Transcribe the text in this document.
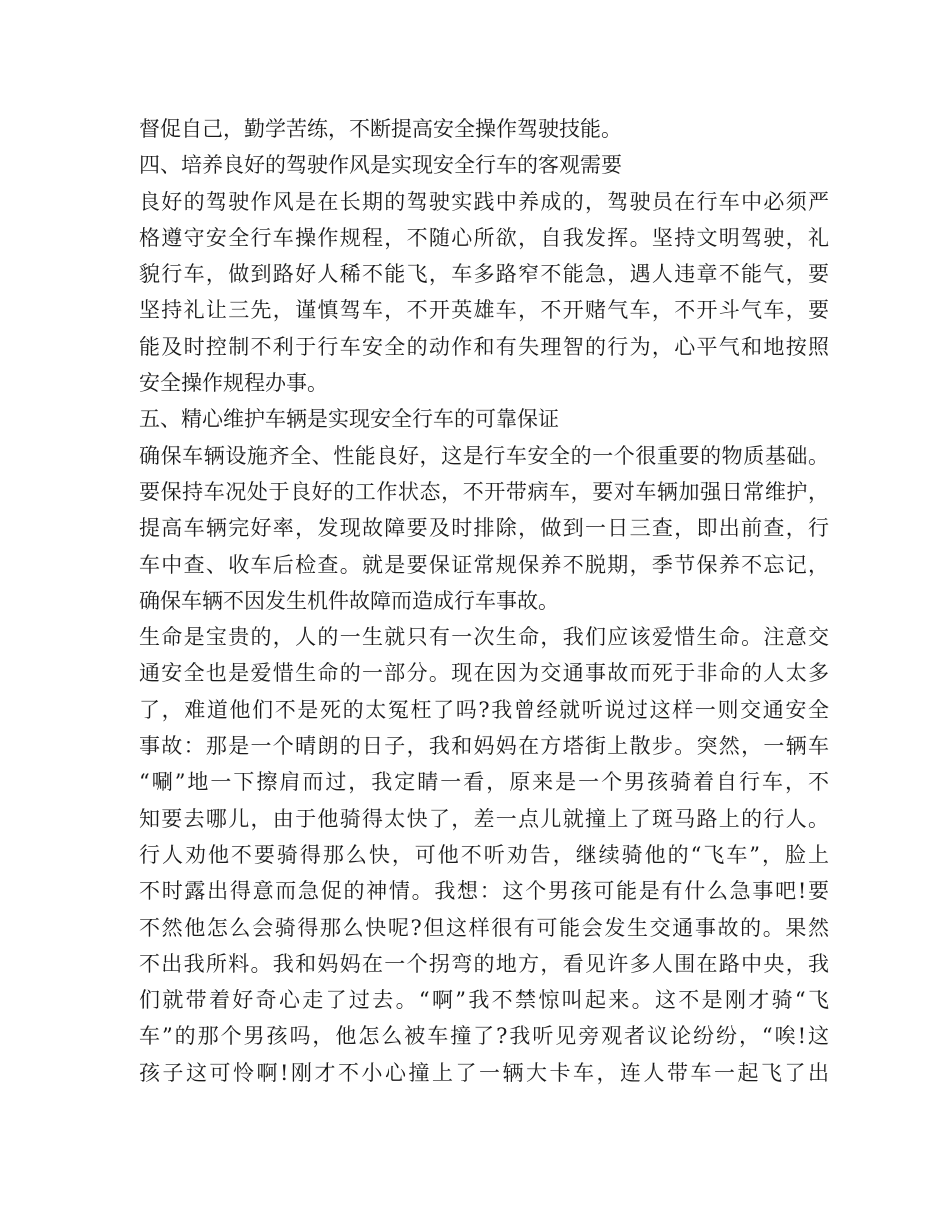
督促自己，勤学苦练，不断提高安全操作驾驶技能。
四、培养良好的驾驶作风是实现安全行车的客观需要
良好的驾驶作风是在长期的驾驶实践中养成的，驾驶员在行车中必须严
格遵守安全行车操作规程，不随心所欲，自我发挥。坚持文明驾驶，礼
貌行车，做到路好人稀不能飞，车多路窄不能急，遇人违章不能气，要
坚持礼让三先，谨慎驾车，不开英雄车，不开赌气车，不开斗气车，要
能及时控制不利于行车安全的动作和有失理智的行为，心平气和地按照
安全操作规程办事。
五、精心维护车辆是实现安全行车的可靠保证
确保车辆设施齐全、性能良好，这是行车安全的一个很重要的物质基础。
要保持车况处于良好的工作状态，不开带病车，要对车辆加强日常维护，
提高车辆完好率，发现故障要及时排除，做到一日三查，即出前查，行
车中查、收车后检查。就是要保证常规保养不脱期，季节保养不忘记，
确保车辆不因发生机件故障而造成行车事故。
生命是宝贵的，人的一生就只有一次生命，我们应该爱惜生命。注意交
通安全也是爱惜生命的一部分。现在因为交通事故而死于非命的人太多
了，难道他们不是死的太冤枉了吗?我曾经就听说过这样一则交通安全
事故：那是一个晴朗的日子，我和妈妈在方塔街上散步。突然，一辆车
“唰”地一下擦肩而过，我定睛一看，原来是一个男孩骑着自行车，不
知要去哪儿，由于他骑得太快了，差一点儿就撞上了斑马路上的行人。
行人劝他不要骑得那么快，可他不听劝告，继续骑他的“飞车”，脸上
不时露出得意而急促的神情。我想：这个男孩可能是有什么急事吧!要
不然他怎么会骑得那么快呢?但这样很有可能会发生交通事故的。果然
不出我所料。我和妈妈在一个拐弯的地方，看见许多人围在路中央，我
们就带着好奇心走了过去。“啊”我不禁惊叫起来。这不是刚才骑“飞
车”的那个男孩吗，他怎么被车撞了?我听见旁观者议论纷纷，“唉!这
孩子这可怜啊!刚才不小心撞上了一辆大卡车，连人带车一起飞了出
